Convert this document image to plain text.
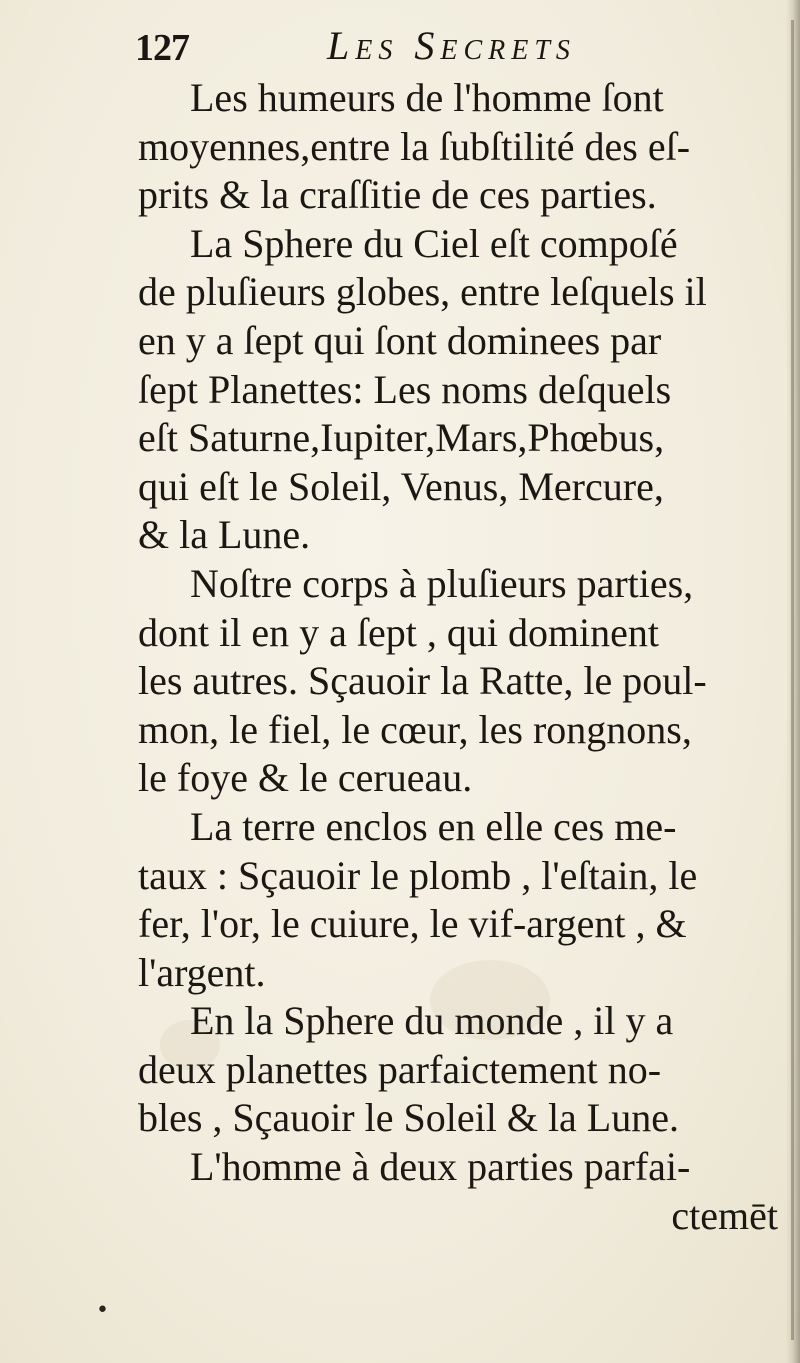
127	Les Secrets
Les humeurs de l'homme ſont
moyennes,entre la ſubſtilité des eſ-
prits & la craſſitie de ces parties.
La Sphere du Ciel eſt compoſé
de pluſieurs globes, entre leſquels il
en y a ſept qui ſont dominees par
ſept Planettes: Les noms deſquels
eſt Saturne,Iupiter,Mars,Phœbus,
qui eſt le Soleil, Venus, Mercure,
& la Lune.
Noſtre corps à pluſieurs parties,
dont il en y a ſept , qui dominent
les autres. Sçauoir la Ratte, le poul-
mon, le fiel, le cœur, les rongnons,
le foye & le cerueau.
La terre enclos en elle ces me-
taux : Sçauoir le plomb , l'eſtain, le
fer, l'or, le cuiure, le vif-argent , &
l'argent.
En la Sphere du monde , il y a
deux planettes parfaictement no-
bles , Sçauoir le Soleil & la Lune.
L'homme à deux parties parfai-
ctemēt
•
